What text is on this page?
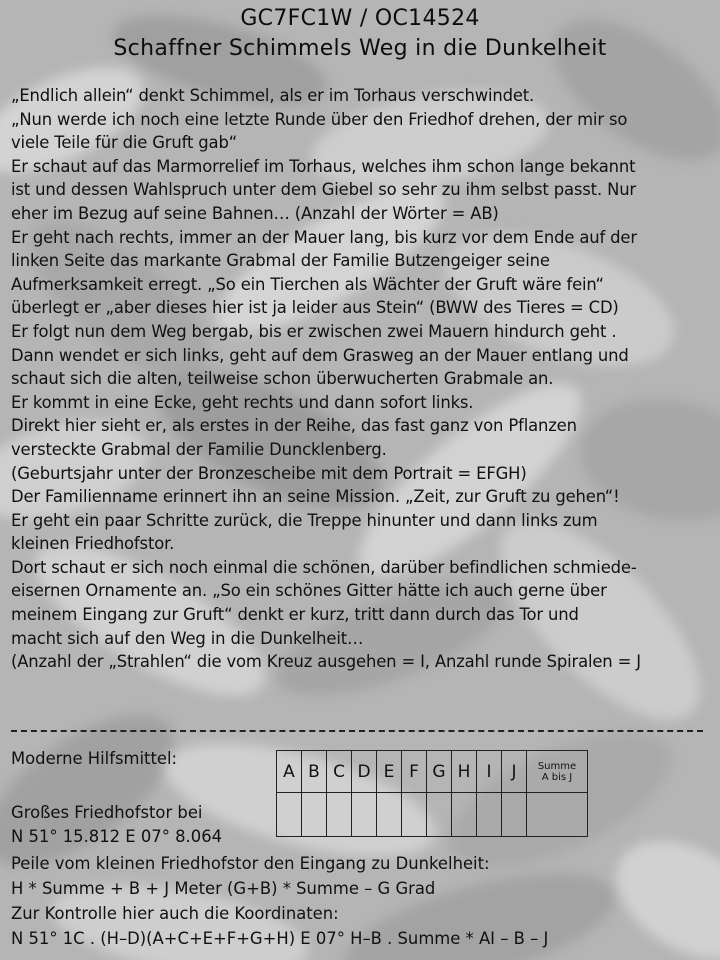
GC7FC1W / OC14524
Schaffner Schimmels Weg in die Dunkelheit

„Endlich allein“ denkt Schimmel, als er im Torhaus verschwindet.

„Nun werde ich noch eine letzte Runde über den Friedhof drehen, der mir so

viele Teile für die Gruft gab“

Er schaut auf das Marmorrelief im Torhaus, welches ihm schon lange bekannt

ist und dessen Wahlspruch unter dem Giebel so sehr zu ihm selbst passt. Nur

eher im Bezug auf seine Bahnen… (Anzahl der Wörter = AB)

Er geht nach rechts, immer an der Mauer lang, bis kurz vor dem Ende auf der

linken Seite das markante Grabmal der Familie Butzengeiger seine

Aufmerksamkeit erregt. „So ein Tierchen als Wächter der Gruft wäre fein“

überlegt er „aber dieses hier ist ja leider aus Stein“ (BWW des Tieres = CD)

Er folgt nun dem Weg bergab, bis er zwischen zwei Mauern hindurch geht .

Dann wendet er sich links, geht auf dem Grasweg an der Mauer entlang und

schaut sich die alten, teilweise schon überwucherten Grabmale an.

Er kommt in eine Ecke, geht rechts und dann sofort links.

Direkt hier sieht er, als erstes in der Reihe, das fast ganz von Pflanzen

versteckte Grabmal der Familie Duncklenberg.

(Geburtsjahr unter der Bronzescheibe mit dem Portrait = EFGH)

Der Familienname erinnert ihn an seine Mission. „Zeit, zur Gruft zu gehen“!

Er geht ein paar Schritte zurück, die Treppe hinunter und dann links zum

kleinen Friedhofstor.

Dort schaut er sich noch einmal die schönen, darüber befindlichen schmiede-

eisernen Ornamente an. „So ein schönes Gitter hätte ich auch gerne über

meinem Eingang zur Gruft“ denkt er kurz, tritt dann durch das Tor und

macht sich auf den Weg in die Dunkelheit…

(Anzahl der „Strahlen“ die vom Kreuz ausgehen = I, Anzahl runde Spiralen = J

Moderne Hilfsmittel:
A	B	C	D	E	F	G	H	I	J	Summe
A bis J

Großes Friedhofstor bei
N 51° 15.812 E 07° 8.064

Peile vom kleinen Friedhofstor den Eingang zu Dunkelheit:

H * Summe + B + J Meter (G+B) * Summe – G Grad

Zur Kontrolle hier auch die Koordinaten:

N 51° 1C . (H–D)(A+C+E+F+G+H) E 07° H–B . Summe * AI – B – J
